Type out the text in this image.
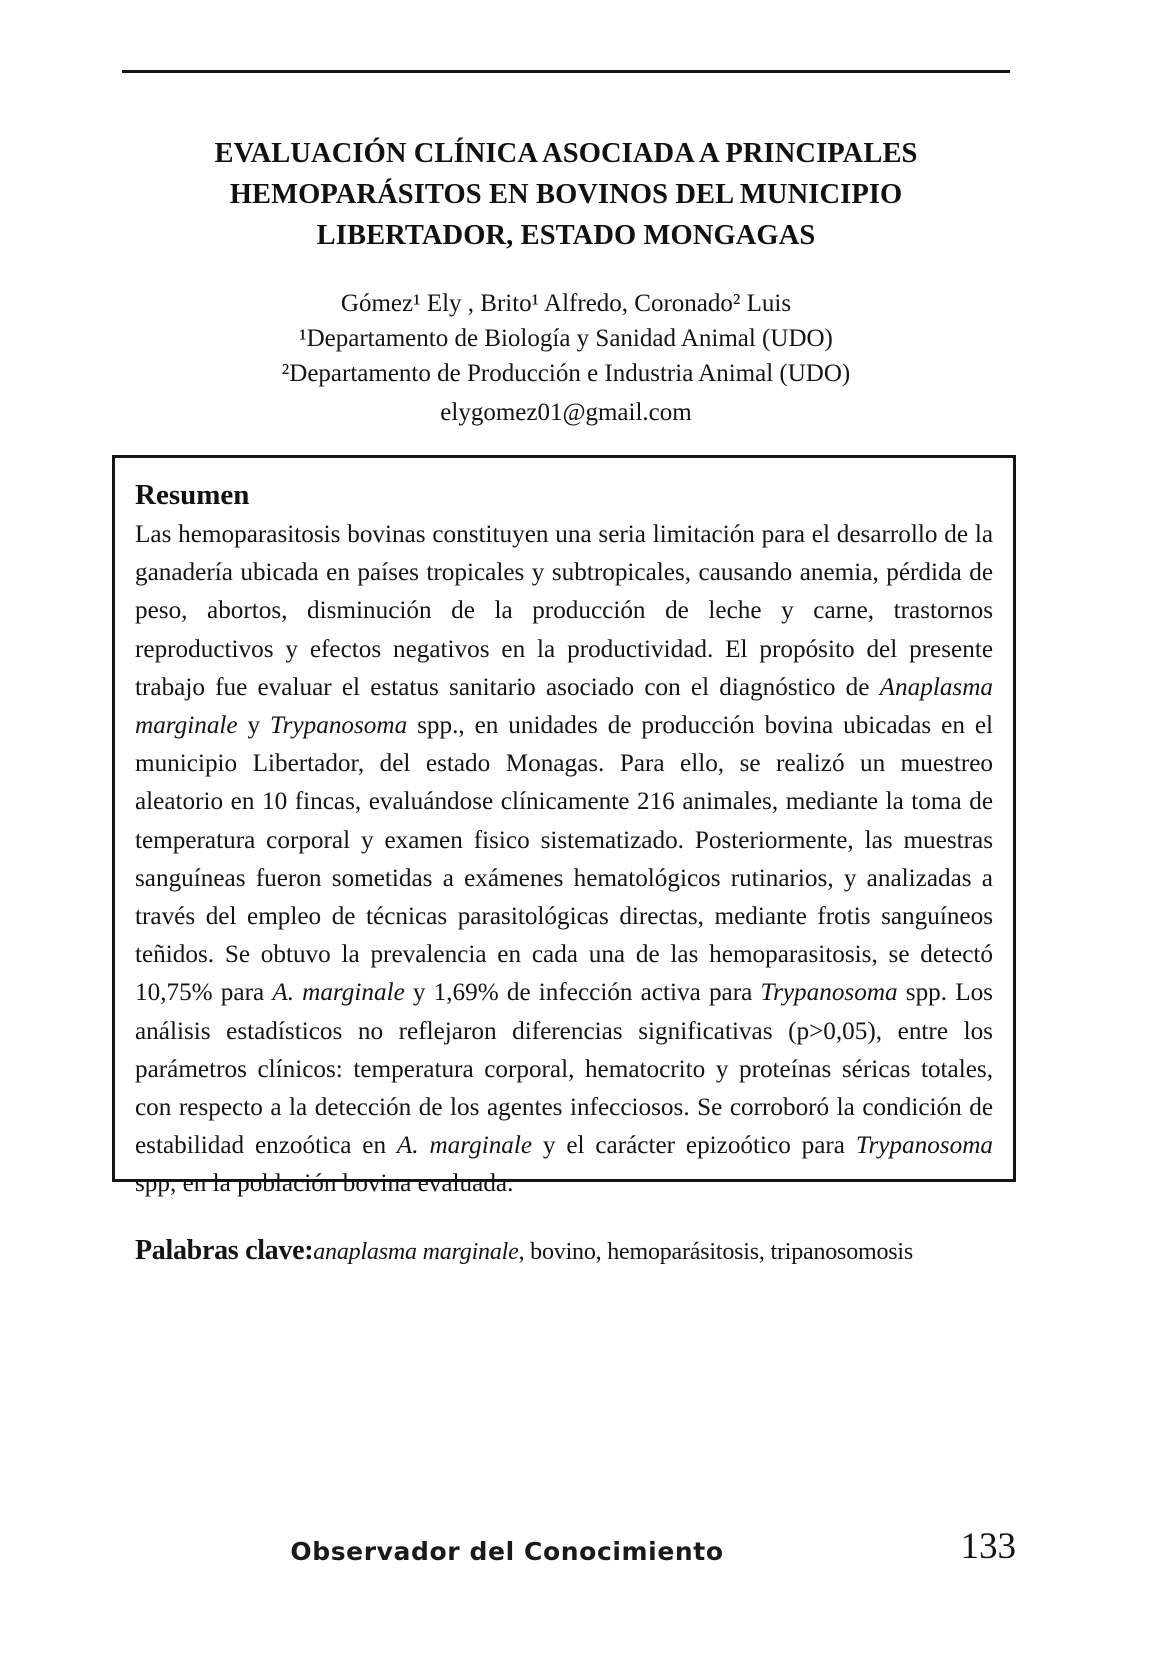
EVALUACIÓN CLÍNICA ASOCIADA A PRINCIPALES
HEMOPARÁSITOS EN BOVINOS DEL MUNICIPIO
LIBERTADOR, ESTADO MONGAGAS
Gómez¹ Ely , Brito¹ Alfredo, Coronado² Luis
¹Departamento de Biología y Sanidad Animal (UDO)
²Departamento de Producción e Industria Animal (UDO)
elygomez01@gmail.com
Resumen

Las hemoparasitosis bovinas constituyen una seria limitación para el desarrollo de la ganadería ubicada en países tropicales y subtropicales, causando anemia, pérdida de peso, abortos, disminución de la producción de leche y carne, trastornos reproductivos y efectos negativos en la productividad. El propósito del presente trabajo fue evaluar el estatus sanitario asociado con el diagnóstico de Anaplasma marginale y Trypanosoma spp., en unidades de producción bovina ubicadas en el municipio Libertador, del estado Monagas. Para ello, se realizó un muestreo aleatorio en 10 fincas, evaluándose clínicamente 216 animales, mediante la toma de temperatura corporal y examen fisico sistematizado. Posteriormente, las muestras sanguíneas fueron sometidas a exámenes hematológicos rutinarios, y analizadas a través del empleo de técnicas parasitológicas directas, mediante frotis sanguíneos teñidos. Se obtuvo la prevalencia en cada una de las hemoparasitosis, se detectó 10,75% para A. marginale y 1,69% de infección activa para Trypanosoma spp. Los análisis estadísticos no reflejaron diferencias significativas (p>0,05), entre los parámetros clínicos: temperatura corporal, hematocrito y proteínas séricas totales, con respecto a la detección de los agentes infecciosos. Se corroboró la condición de estabilidad enzoótica en A. marginale y el carácter epizoótico para Trypanosoma spp, en la población bovina evaluada.

Palabras clave:anaplasma marginale, bovino, hemoparásitosis, tripanosomosis
Observador del Conocimiento	133
